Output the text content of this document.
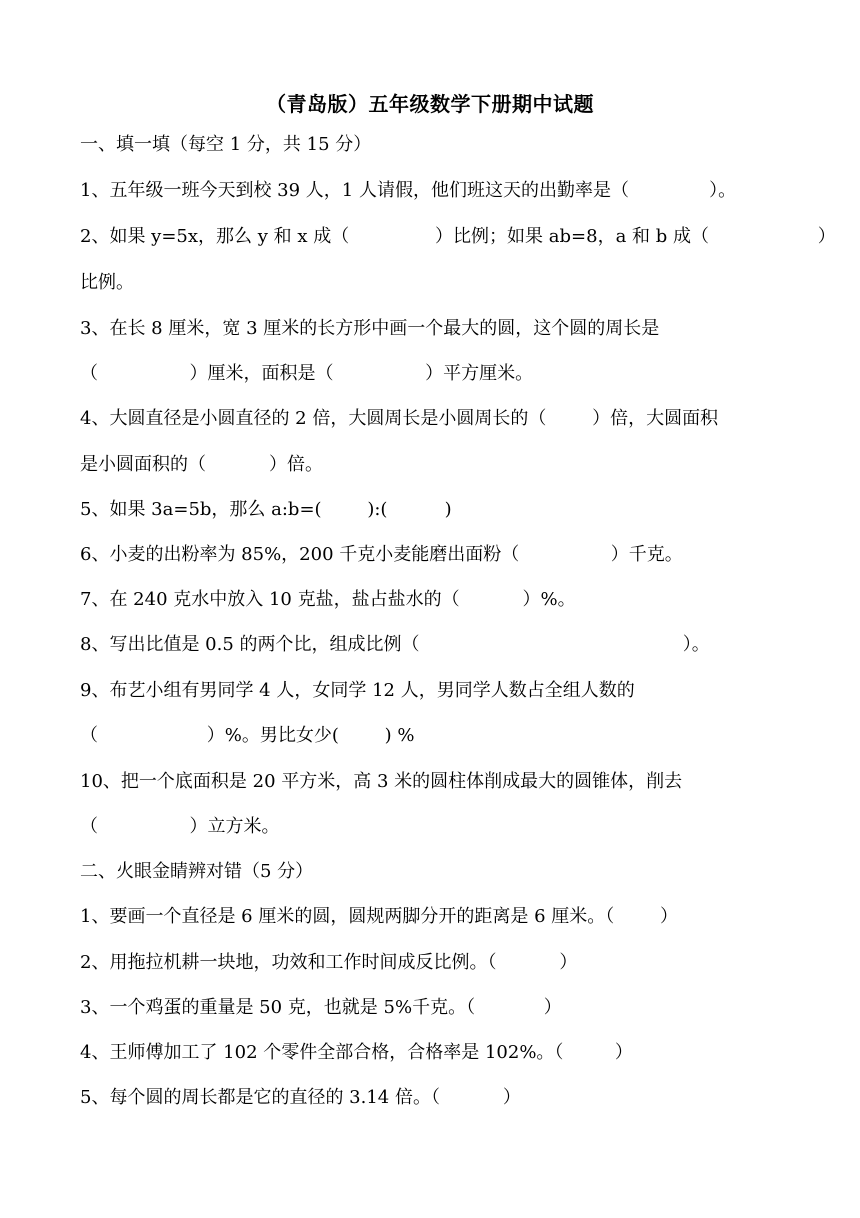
（青岛版）五年级数学下册期中试题
一、填一填（每空 1 分，共 15 分）
1、五年级一班今天到校 39 人，1 人请假，他们班这天的出勤率是（              ）。
2、如果 y=5x，那么 y 和 x 成（               ）比例；如果 ab=8，a 和 b 成（                   ）
比例。
3、在长 8 厘米，宽 3 厘米的长方形中画一个最大的圆，这个圆的周长是
（                ）厘米，面积是（                ）平方厘米。
4、大圆直径是小圆直径的 2 倍，大圆周长是小圆周长的（        ）倍，大圆面积
是小圆面积的（           ）倍。
5、如果 3a=5b，那么 a:b=(        ):(          )
6、小麦的出粉率为 85%，200 千克小麦能磨出面粉（                ）千克。
7、在 240 克水中放入 10 克盐，盐占盐水的（           ）%。
8、写出比值是 0.5 的两个比，组成比例（                                              ）。
9、布艺小组有男同学 4 人，女同学 12 人，男同学人数占全组人数的
（                   ）%。男比女少(        ) %
10、把一个底面积是 20 平方米，高 3 米的圆柱体削成最大的圆锥体，削去
（                ）立方米。
二、火眼金睛辨对错（5 分）
1、要画一个直径是 6 厘米的圆，圆规两脚分开的距离是 6 厘米。（        ）
2、用拖拉机耕一块地，功效和工作时间成反比例。（           ）
3、一个鸡蛋的重量是 50 克，也就是 5%千克。（            ）
4、王师傅加工了 102 个零件全部合格，合格率是 102%。（         ）
5、每个圆的周长都是它的直径的 3.14 倍。（           ）
